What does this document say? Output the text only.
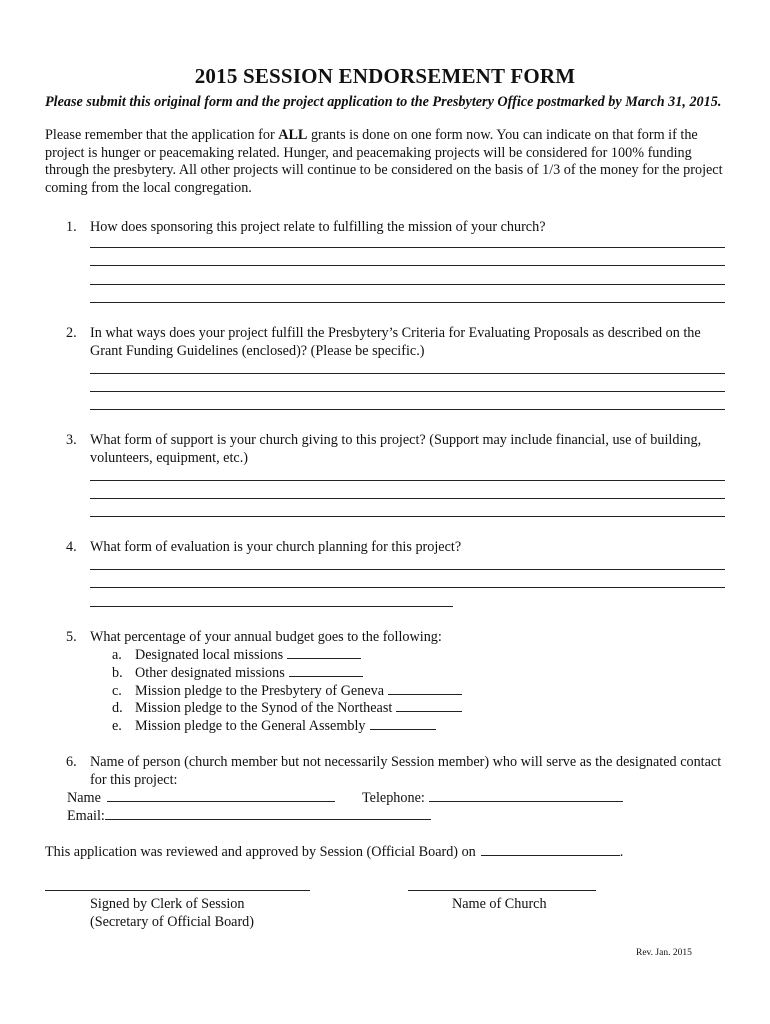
2015 SESSION ENDORSEMENT FORM
Please submit this original form and the project application to the Presbytery Office postmarked by March 31, 2015.
Please remember that the application for ALL grants is done on one form now. You can indicate on that form if the project is hunger or peacemaking related. Hunger, and peacemaking projects will be considered for 100% funding through the presbytery. All other projects will continue to be considered on the basis of 1/3 of the money for the project coming from the local congregation.
1. How does sponsoring this project relate to fulfilling the mission of your church?
2. In what ways does your project fulfill the Presbytery’s Criteria for Evaluating Proposals as described on the Grant Funding Guidelines (enclosed)? (Please be specific.)
3. What form of support is your church giving to this project? (Support may include financial, use of building, volunteers, equipment, etc.)
4. What form of evaluation is your church planning for this project?
5. What percentage of your annual budget goes to the following:
a. Designated local missions
b. Other designated missions
c. Mission pledge to the Presbytery of Geneva
d. Mission pledge to the Synod of the Northeast
e. Mission pledge to the General Assembly
6. Name of person (church member but not necessarily Session member) who will serve as the designated contact for this project:
Name	Telephone:
Email:
This application was reviewed and approved by Session (Official Board) on	.
Signed by Clerk of Session
(Secretary of Official Board)
Name of Church
Rev. Jan. 2015
